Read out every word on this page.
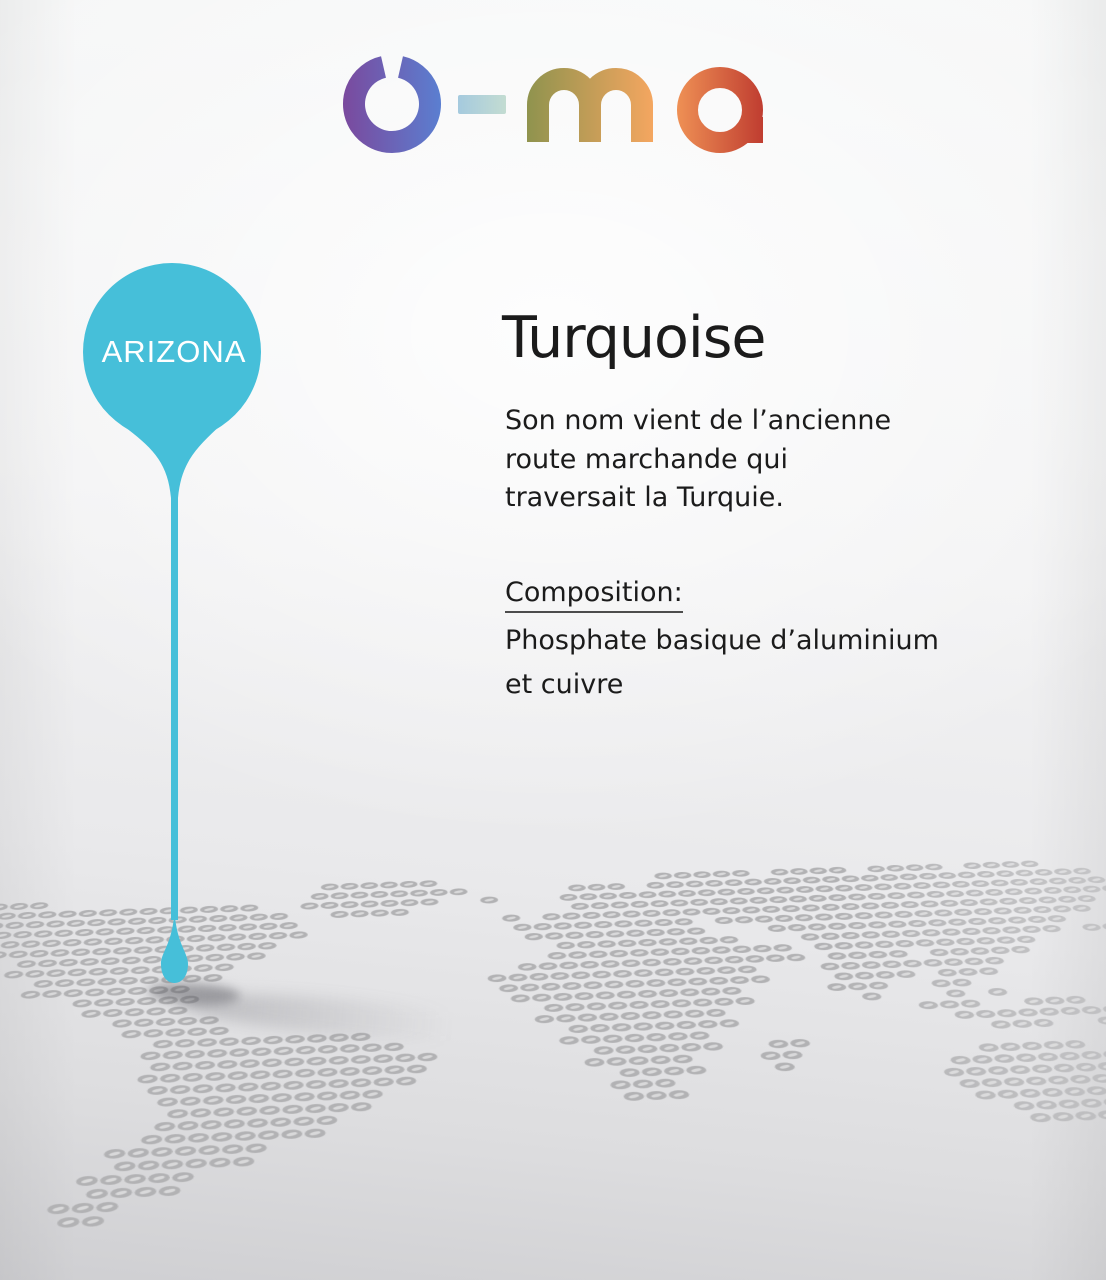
ARIZONA	Turquoise
Son nom vient de l’ancienne
route marchande qui
traversait la Turquie.
Composition:
Phosphate basique d’aluminium
et cuivre
